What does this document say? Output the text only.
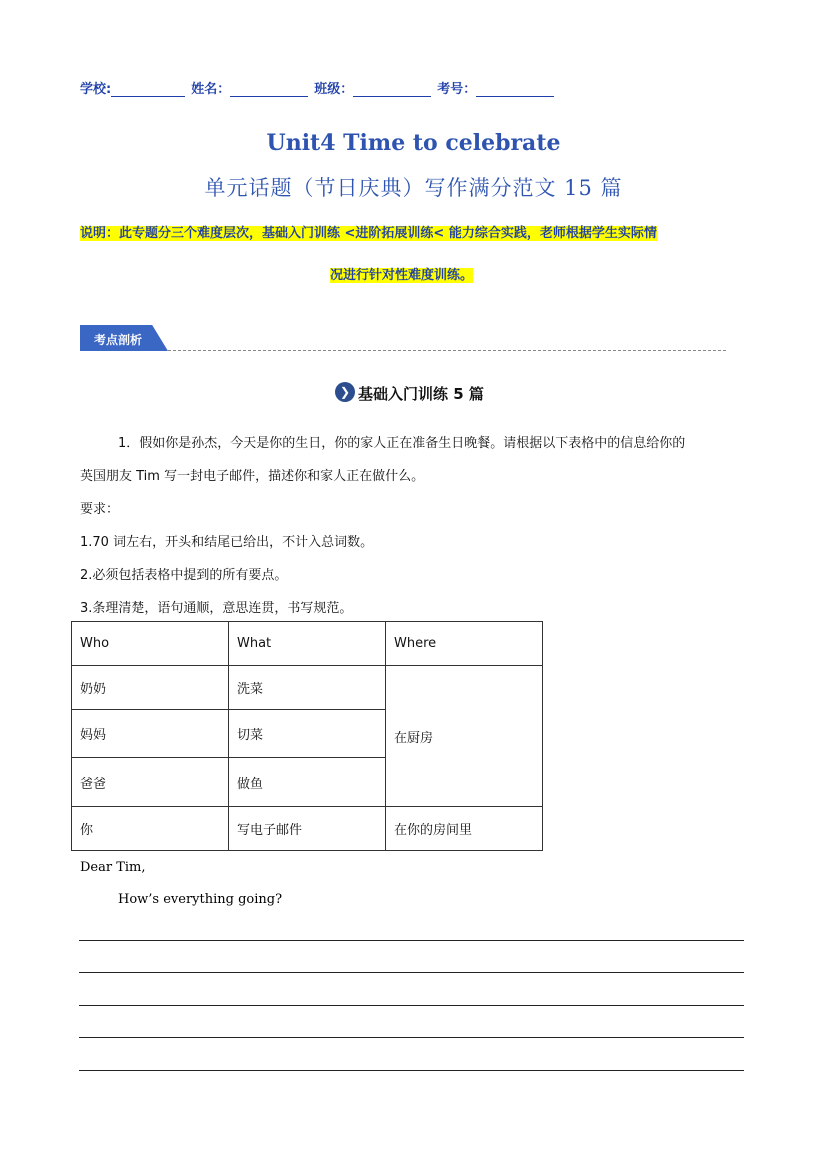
学校:	姓名：	班级：	考号：
Unit4 Time to celebrate
单元话题（节日庆典）写作满分范文 15 篇
说明：此专题分三个难度层次，基础入门训练 <进阶拓展训练< 能力综合实践，老师根据学生实际情
况进行针对性难度训练。
考点剖析
❯ 基础入门训练 5 篇
1．假如你是孙杰，今天是你的生日，你的家人正在准备生日晚餐。请根据以下表格中的信息给你的
英国朋友 Tim 写一封电子邮件，描述你和家人正在做什么。
要求：
1.70 词左右，开头和结尾已给出，不计入总词数。
2.必须包括表格中提到的所有要点。
3.条理清楚，语句通顺，意思连贯，书写规范。
Who	What	Where
奶奶	洗菜	在厨房
妈妈	切菜	
爸爸	做鱼	
你	写电子邮件	在你的房间里
Dear Tim,
How’s everything going?
